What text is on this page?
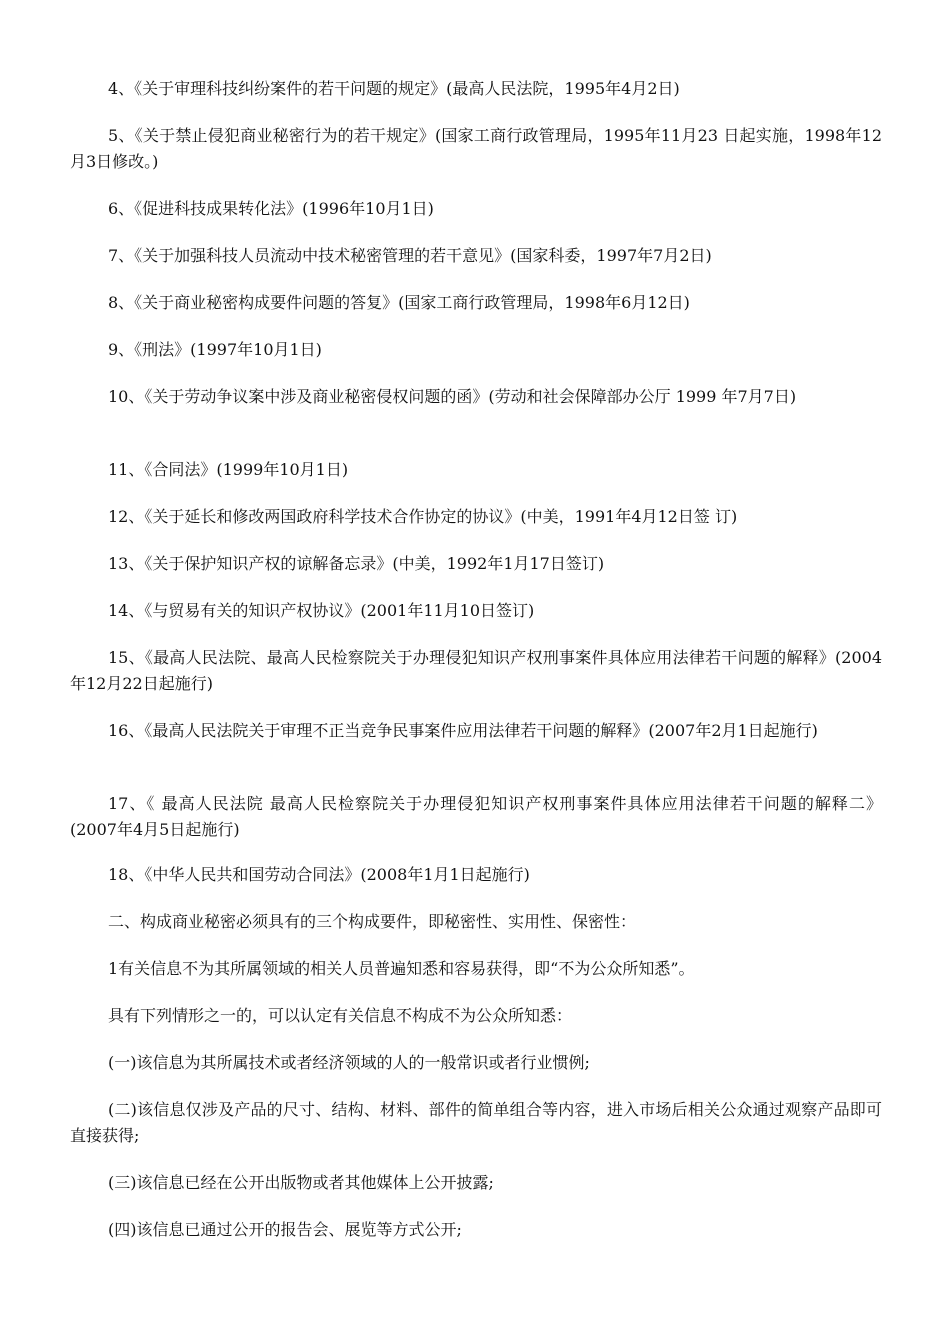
4、《关于审理科技纠纷案件的若干问题的规定》(最高人民法院，1995年4月2日)

5、《关于禁止侵犯商业秘密行为的若干规定》(国家工商行政管理局，1995年11月23 日起实施，1998年12月3日修改。)

6、《促进科技成果转化法》(1996年10月1日)

7、《关于加强科技人员流动中技术秘密管理的若干意见》(国家科委，1997年7月2日)

8、《关于商业秘密构成要件问题的答复》(国家工商行政管理局，1998年6月12日)

9、《刑法》(1997年10月1日)

10、《关于劳动争议案中涉及商业秘密侵权问题的函》(劳动和社会保障部办公厅 1999 年7月7日)

11、《合同法》(1999年10月1日)

12、《关于延长和修改两国政府科学技术合作协定的协议》(中美，1991年4月12日签 订)

13、《关于保护知识产权的谅解备忘录》(中美，1992年1月17日签订)

14、《与贸易有关的知识产权协议》(2001年11月10日签订)

15、《最高人民法院、最高人民检察院关于办理侵犯知识产权刑事案件具体应用法律若干问题的解释》(2004年12月22日起施行)

16、《最高人民法院关于审理不正当竞争民事案件应用法律若干问题的解释》(2007年2月1日起施行)

17、《 最高人民法院 最高人民检察院关于办理侵犯知识产权刑事案件具体应用法律若干问题的解释二》 (2007年4月5日起施行)

18、《中华人民共和国劳动合同法》(2008年1月1日起施行)

二、构成商业秘密必须具有的三个构成要件，即秘密性、实用性、保密性：

1有关信息不为其所属领域的相关人员普遍知悉和容易获得，即“不为公众所知悉”。

具有下列情形之一的，可以认定有关信息不构成不为公众所知悉：

(一)该信息为其所属技术或者经济领域的人的一般常识或者行业惯例;

(二)该信息仅涉及产品的尺寸、结构、材料、部件的简单组合等内容，进入市场后相关公众通过观察产品即可直接获得;

(三)该信息已经在公开出版物或者其他媒体上公开披露;

(四)该信息已通过公开的报告会、展览等方式公开;
